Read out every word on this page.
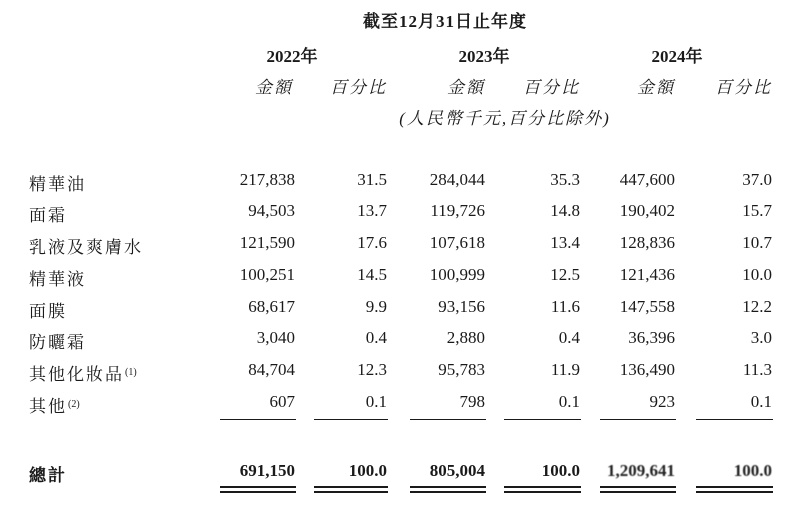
截至12月31日止年度
2022年	2023年	2024年
金額	百分比	金額	百分比	金額	百分比
(人民幣千元,百分比除外)
精華油	217,838	31.5	284,044	35.3	447,600	37.0
面霜	94,503	13.7	119,726	14.8	190,402	15.7
乳液及爽膚水	121,590	17.6	107,618	13.4	128,836	10.7
精華液	100,251	14.5	100,999	12.5	121,436	10.0
面膜	68,617	9.9	93,156	11.6	147,558	12.2
防曬霜	3,040	0.4	2,880	0.4	36,396	3.0
其他化妝品$^{(1)}$	84,704	12.3	95,783	11.9	136,490	11.3
其他$^{(2)}$	607	0.1	798	0.1	923	0.1
總計	691,150	100.0	805,004	100.0	1,209,641	100.0
